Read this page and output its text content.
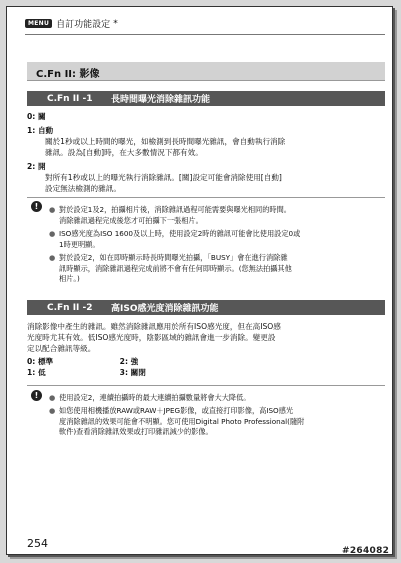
MENU 自訂功能設定 *
C.Fn II: 影像
C.Fn II -1	長時間曝光消除雜訊功能
0: 關
1: 自動
關於1秒或以上時間的曝光，如檢測到長時間曝光雜訊，會自動執行消除
雜訊。設為[自動]時，在大多數情況下都有效。
2: 開
對所有1秒或以上的曝光執行消除雜訊。[關]設定可能會消除使用[自動]
設定無法檢測的雜訊。
!	● 對於設定1及2，拍攝相片後，消除雜訊過程可能需要與曝光相同的時間。
消除雜訊過程完成後您才可拍攝下一張相片。
● ISO感光度為ISO 1600及以上時，使用設定2時的雜訊可能會比使用設定0或
1時更明顯。
● 對於設定2，如在即時顯示時長時間曝光拍攝，「BUSY」會在進行消除雜
訊時顯示，消除雜訊過程完成前將不會有任何即時顯示。(您無法拍攝其他
相片。)
C.Fn II -2	高ISO感光度消除雜訊功能
消除影像中產生的雜訊。雖然消除雜訊應用於所有ISO感光度，但在高ISO感
光度時尤其有效。低ISO感光度時，陰影區域的雜訊會進一步消除。變更設
定以配合雜訊等級。
0: 標準	2: 強
1: 低	3: 關閉
!	● 使用設定2，連續拍攝時的最大連續拍攝數量將會大大降低。
● 如您使用相機播放RAW或RAW＋JPEG影像，或直接打印影像，高ISO感光
度消除雜訊的效果可能會不明顯。您可使用Digital Photo Professional(隨附
軟件)查看消除雜訊效果或打印雜訊減少的影像。
254
#264082
